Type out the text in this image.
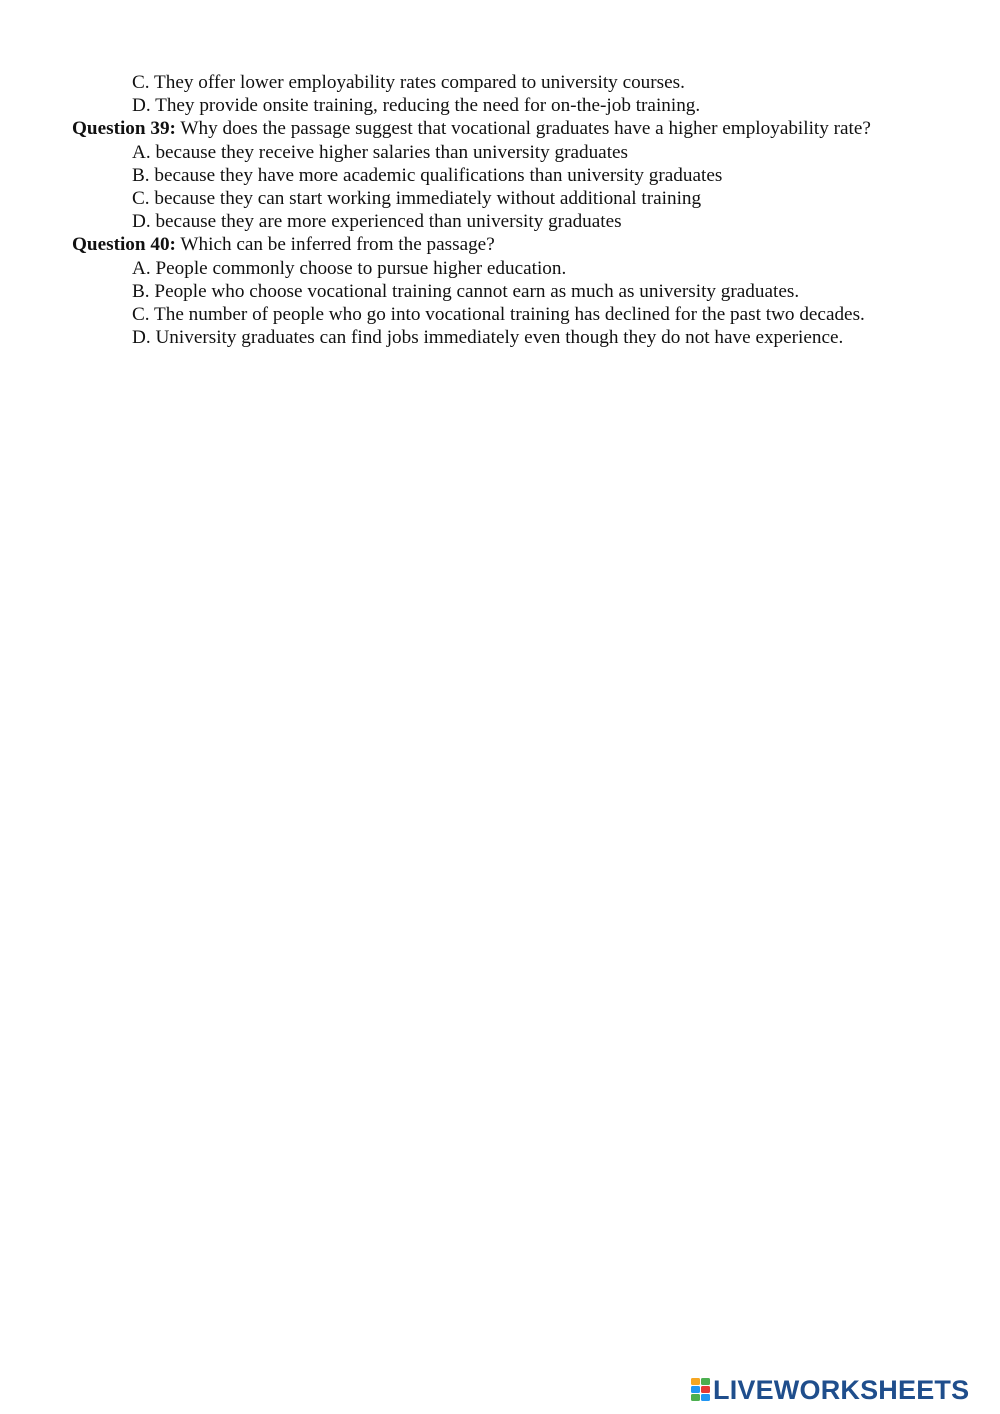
C. They offer lower employability rates compared to university courses.
D. They provide onsite training, reducing the need for on-the-job training.
Question 39: Why does the passage suggest that vocational graduates have a higher employability rate?
A. because they receive higher salaries than university graduates
B. because they have more academic qualifications than university graduates
C. because they can start working immediately without additional training
D. because they are more experienced than university graduates
Question 40: Which can be inferred from the passage?
A. People commonly choose to pursue higher education.
B. People who choose vocational training cannot earn as much as university graduates.
C. The number of people who go into vocational training has declined for the past two decades.
D. University graduates can find jobs immediately even though they do not have experience.
LIVEWORKSHEETS
